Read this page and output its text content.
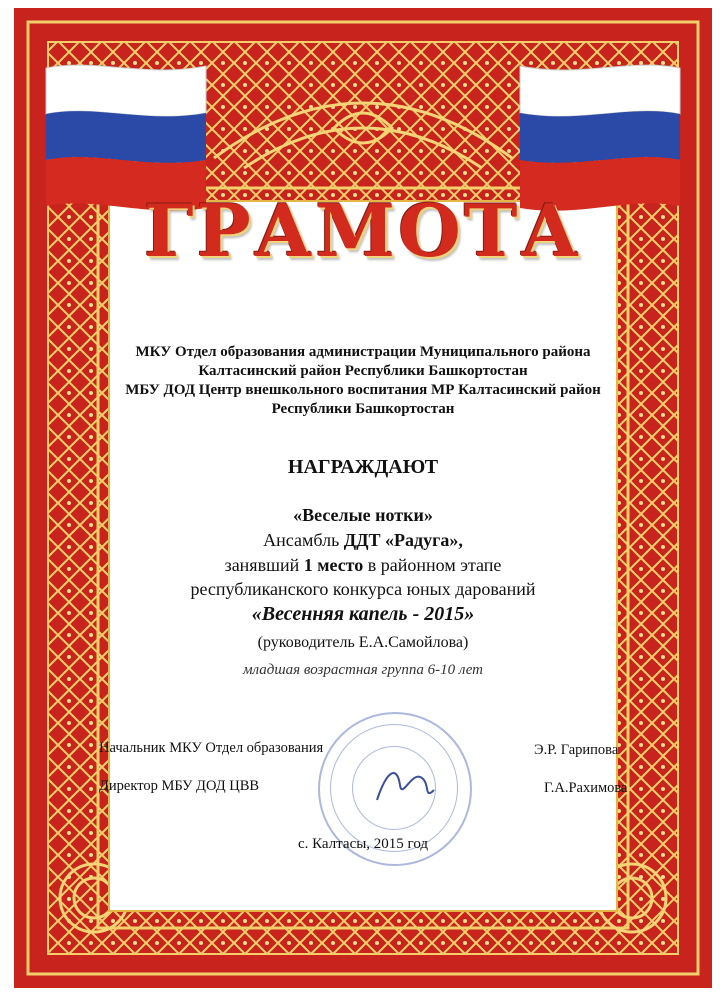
ГРАМОТА
МКУ Отдел образования администрации Муниципального района
Калтасинский район Республики Башкортостан
МБУ ДОД Центр внешкольного воспитания МР Калтасинский район
Республики Башкортостан
НАГРАЖДАЮТ
«Веселые нотки»
Ансамбль ДДТ «Радуга»,
занявший 1 место в районном этапе
республиканского конкурса юных дарований
«Весенняя капель - 2015»
(руководитель Е.А.Самойлова)
младшая возрастная группа 6-10 лет
Начальник МКУ Отдел образования	Э.Р. Гарипова
Директор МБУ ДОД ЦВВ	Г.А.Рахимова
с. Калтасы, 2015 год
